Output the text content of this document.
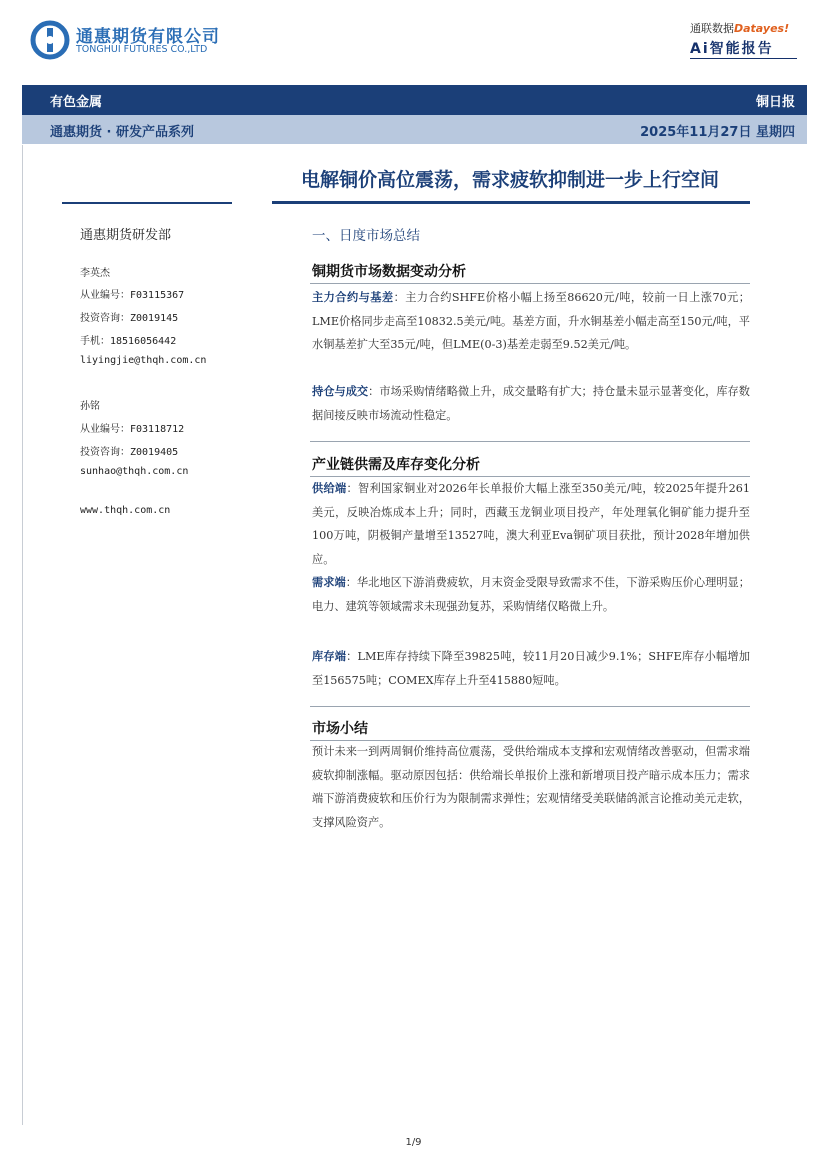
通惠期货有限公司
TONGHUI FUTURES CO.,LTD
通联数据Datayes!
Ai智能报告
有色金属	铜日报
通惠期货 · 研发产品系列	2025年11月27日 星期四
电解铜价高位震荡，需求疲软抑制进一步上行空间
通惠期货研发部
李英杰
从业编号：F03115367
投资咨询：Z0019145
手机：18516056442
liyingjie@thqh.com.cn
孙铭
从业编号：F03118712
投资咨询：Z0019405
sunhao@thqh.com.cn
www.thqh.com.cn
一、日度市场总结
铜期货市场数据变动分析
主力合约与基差：主力合约SHFE价格小幅上扬至86620元/吨，较前一日上涨70元；LME价格同步走高至10832.5美元/吨。基差方面，升水铜基差小幅走高至150元/吨，平水铜基差扩大至35元/吨，但LME(0-3)基差走弱至9.52美元/吨。
持仓与成交：市场采购情绪略微上升，成交量略有扩大；持仓量未显示显著变化，库存数据间接反映市场流动性稳定。
产业链供需及库存变化分析
供给端：智利国家铜业对2026年长单报价大幅上涨至350美元/吨，较2025年提升261美元，反映冶炼成本上升；同时，西藏玉龙铜业项目投产，年处理氧化铜矿能力提升至100万吨，阴极铜产量增至13527吨，澳大利亚Eva铜矿项目获批，预计2028年增加供应。
需求端：华北地区下游消费疲软，月末资金受限导致需求不佳，下游采购压价心理明显；电力、建筑等领域需求未现强劲复苏，采购情绪仅略微上升。
库存端：LME库存持续下降至39825吨，较11月20日减少9.1%；SHFE库存小幅增加至156575吨；COMEX库存上升至415880短吨。
市场小结
预计未来一到两周铜价维持高位震荡，受供给端成本支撑和宏观情绪改善驱动，但需求端疲软抑制涨幅。驱动原因包括：供给端长单报价上涨和新增项目投产暗示成本压力；需求端下游消费疲软和压价行为为限制需求弹性；宏观情绪受美联储鸽派言论推动美元走软，支撑风险资产。
1/9
